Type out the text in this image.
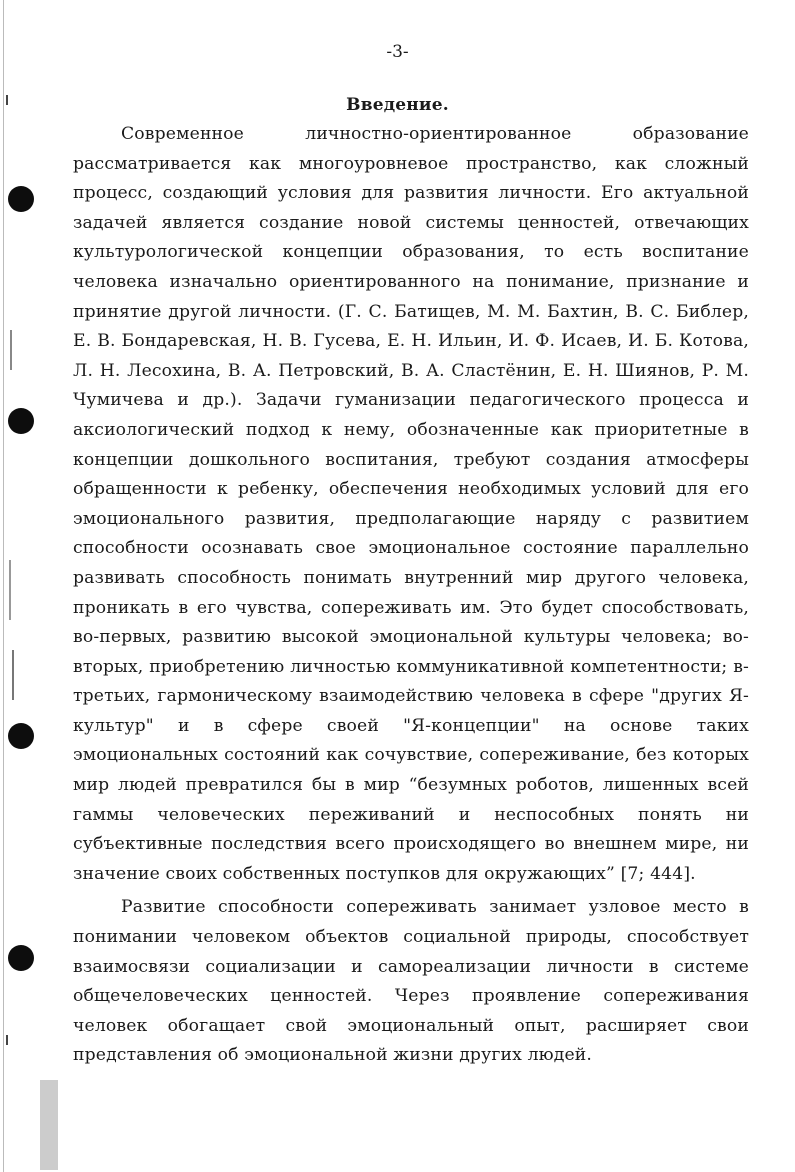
-3-
Введение.

Современное личностно-ориентированное образование рассматривается как многоуровневое пространство, как сложный процесс, создающий условия для развития личности. Его актуальной задачей является создание новой системы ценностей, отвечающих культурологической концепции образования, то есть воспитание человека изначально ориентированного на понимание, признание и принятие другой личности. (Г. С. Батищев, М. М. Бахтин, В. С. Библер, Е. В. Бондаревская, Н. В. Гусева, Е. Н. Ильин, И. Ф. Исаев, И. Б. Котова, Л. Н. Лесохина, В. А. Петровский, В. А. Сластёнин, Е. Н. Шиянов, Р. М. Чумичева и др.). Задачи гуманизации педагогического процесса и аксиологический подход к нему, обозначенные как приоритетные в концепции дошкольного воспитания, требуют создания атмосферы обращенности к ребенку, обеспечения необходимых условий для его эмоционального развития, предполагающие наряду с развитием способности осознавать свое эмоциональное состояние параллельно развивать способность понимать внутренний мир другого человека, проникать в его чувства, сопереживать им. Это будет способствовать, во-первых, развитию высокой эмоциональной культуры человека; во-вторых, приобретению личностью коммуникативной компетентности; в-третьих, гармоническому взаимодействию человека в сфере "других Я-культур" и в сфере своей "Я-концепции" на основе таких эмоциональных состояний как сочувствие, сопереживание, без которых мир людей превратился бы в мир “безумных роботов, лишенных всей гаммы человеческих переживаний и неспособных понять ни субъективные последствия всего происходящего во внешнем мире, ни значение своих собственных поступков для окружающих” [7; 444].

Развитие способности сопереживать занимает узловое место в понимании человеком объектов социальной природы, способствует взаимосвязи социализации и самореализации личности в системе общечеловеческих ценностей. Через проявление сопереживания человек обогащает свой эмоциональный опыт, расширяет свои представления об эмоциональной жизни других людей.
